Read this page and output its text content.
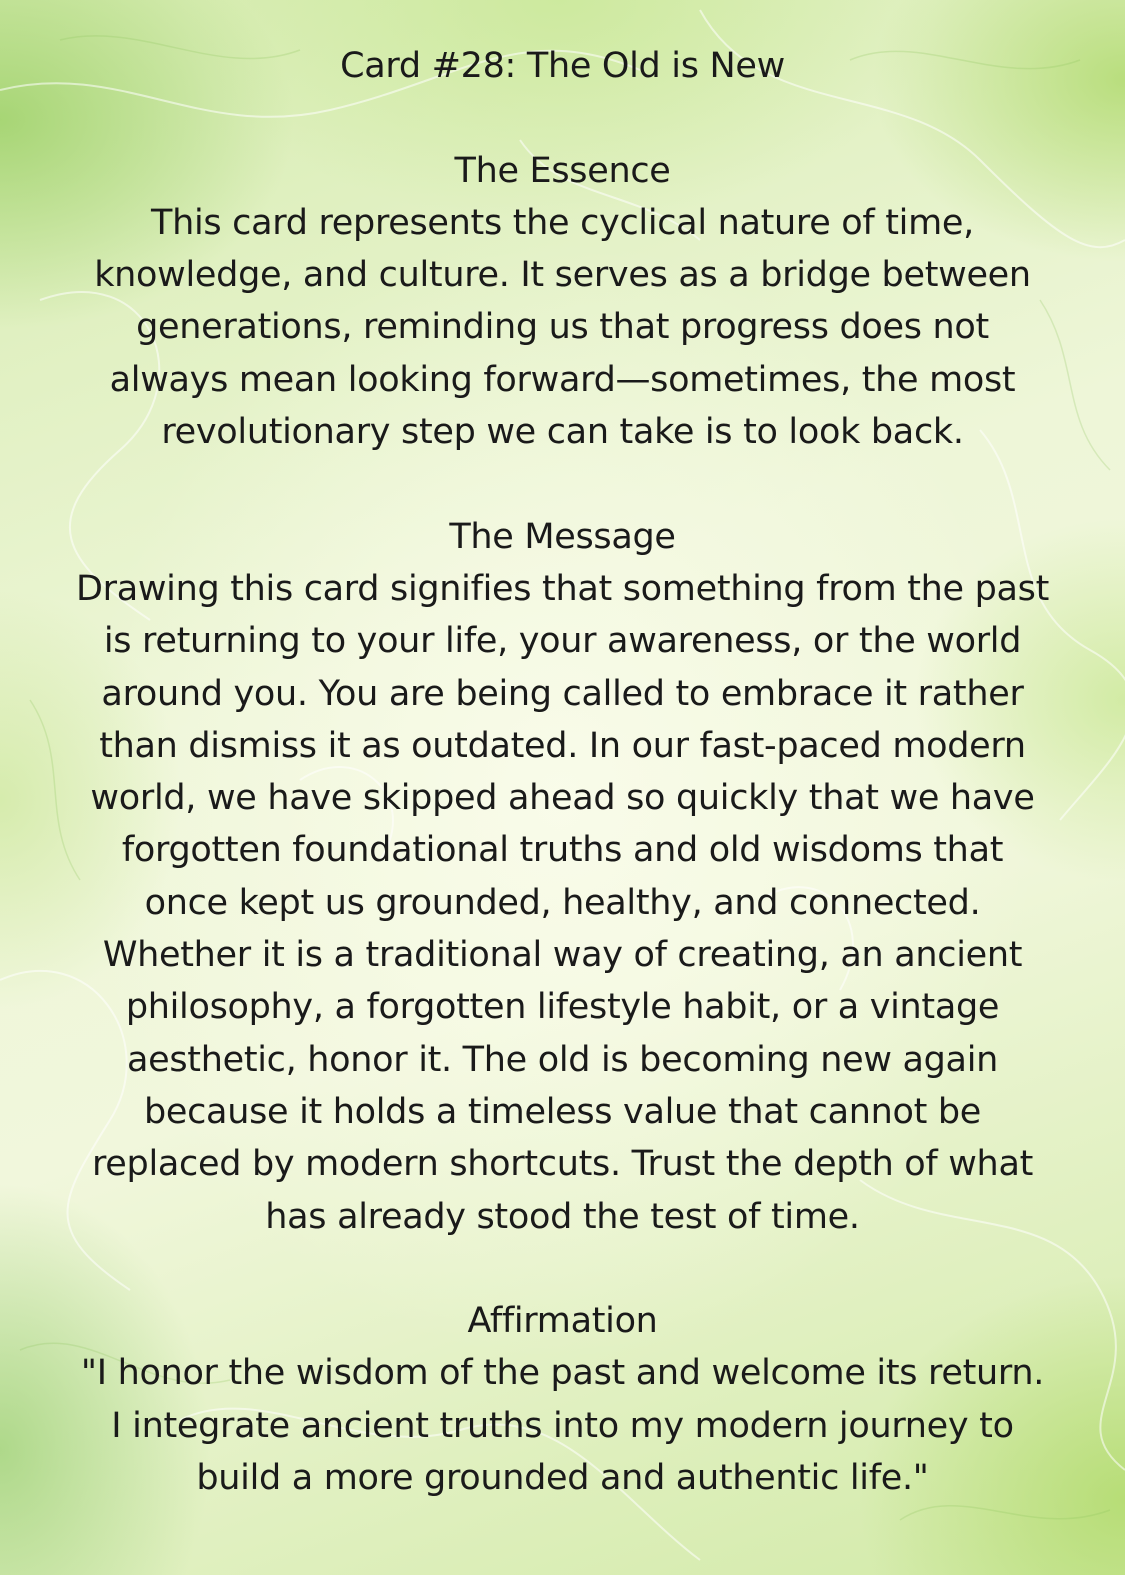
Card #28: The Old is New
The Essence
This card represents the cyclical nature of time,
knowledge, and culture. It serves as a bridge between
generations, reminding us that progress does not
always mean looking forward—sometimes, the most
revolutionary step we can take is to look back.
The Message
Drawing this card signifies that something from the past
is returning to your life, your awareness, or the world
around you. You are being called to embrace it rather
than dismiss it as outdated. In our fast-paced modern
world, we have skipped ahead so quickly that we have
forgotten foundational truths and old wisdoms that
once kept us grounded, healthy, and connected.
Whether it is a traditional way of creating, an ancient
philosophy, a forgotten lifestyle habit, or a vintage
aesthetic, honor it. The old is becoming new again
because it holds a timeless value that cannot be
replaced by modern shortcuts. Trust the depth of what
has already stood the test of time.
Affirmation
"I honor the wisdom of the past and welcome its return.
I integrate ancient truths into my modern journey to
build a more grounded and authentic life."
